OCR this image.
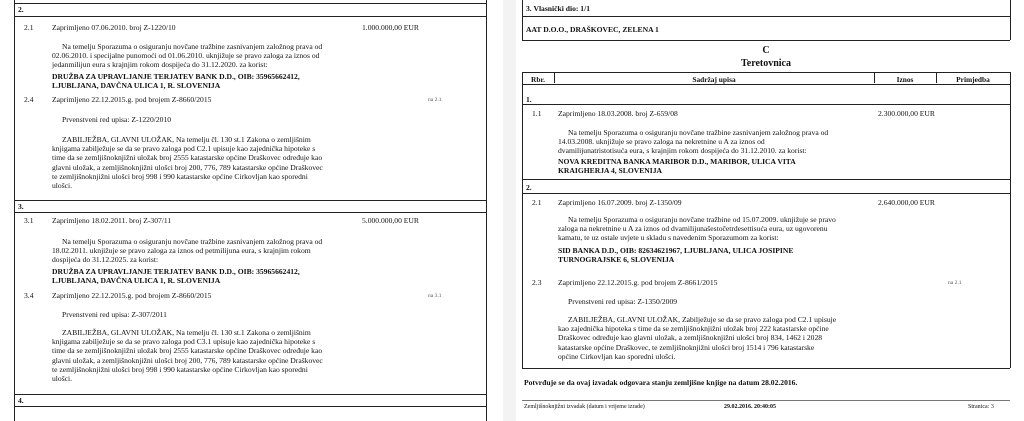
2.
2.1 Zaprimljeno 07.06.2010. broj Z-1220/10	1.000.000,00 EUR
Na temelju Sporazuma o osiguranju novčane tražbine zasnivanjem založnog prava od
02.06.2010. i specijalne punomoći od 01.06.2010. uknjižuje se pravo zaloga za iznos od
jedanmilijun eura s krajnjim rokom dospijeća do 31.12.2020. za korist:
DRUŽBA ZA UPRAVLJANJE TERJATEV BANK D.D., OIB: 35965662412,
LJUBLJANA, DAVČNA ULICA 1, R. SLOVENIJA
2.4 Zaprimljeno 22.12.2015.g. pod brojem Z-8660/2015	na 2.1
Prvenstveni red upisa: Z-1220/2010
ZABILJEŽBA, GLAVNI ULOŽAK, Na temelju čl. 130 st.1 Zakona o zemljišnim
knjigama zabilježuje se da se pravo zaloga pod C2.1 upisuje kao zajednička hipoteke s
time da se zemljišnoknjižni uložak broj 2555 katastarske općine Draškovec određuje kao
glavni uložak, a zemljišnoknjižni ulošci broj 200, 776, 789 katastarske općine Draškovec
te zemljišnoknjižni ulošci broj 998 i 990 katastarske općine Cirkovljan kao sporedni
ulošci.
3.
3.1 Zaprimljeno 18.02.2011. broj Z-307/11	5.000.000,00 EUR
Na temelju Sporazuma o osiguranju novčane tražbine zasnivanjem založnog prava od
18.02.2011. uknjižuje se pravo zaloga za iznos od petmilijuna eura, s krajnjim rokom
dospijeća do 31.12.2025. za korist:
DRUŽBA ZA UPRAVLJANJE TERJATEV BANK D.D., OIB: 35965662412,
LJUBLJANA, DAVČNA ULICA 1, R. SLOVENIJA
3.4 Zaprimljeno 22.12.2015.g. pod brojem Z-8660/2015	na 3.1
Prvenstveni red upisa: Z-307/2011
ZABILJEŽBA, GLAVNI ULOŽAK, Na temelju čl. 130 st.1 Zakona o zemljišnim
knjigama zabilježuje se da se pravo zaloga pod C3.1 upisuje kao zajednička hipoteke s
time da se zemljišnoknjižni uložak broj 2555 katastarske općine Draškovec određuje kao
glavni uložak, a zemljišnoknjižni ulošci broj 200, 776, 789 katastarske općine Draškovec
te zemljišnoknjižni ulošci broj 998 i 990 katastarske općine Cirkovljan kao sporedni
ulošci.
4.
3. Vlasnički dio: 1/1
AAT D.O.O., DRAŠKOVEC, ZELENA 1
C
Teretovnica
Rbr.	Sadržaj upisa	Iznos	Primjedba
1.
1.1 Zaprimljeno 18.03.2008. broj Z-659/08	2.300.000,00 EUR
Na temelju Sporazuma o osiguranju novčane tražbine zasnivanjem založnog prava od
14.03.2008. uknjižuje se pravo zaloga na nekretnine u A za iznos od
dvamilijunatristotisuća eura, s krajnjim rokom dospijeća do 31.12.2010. za korist:
NOVA KREDITNA BANKA MARIBOR D.D., MARIBOR, ULICA VITA
KRAIGHERJA 4, SLOVENIJA
2.
2.1 Zaprimljeno 16.07.2009. broj Z-1350/09	2.640.000,00 EUR
Na temelju Sporazuma o osiguranju novčane tražbine od 15.07.2009. uknjižuje se pravo
zaloga na nekretnine u A za iznos od dvamilijunašestočetrdesettisuća eura, uz ugovorenu
kamatu, te uz ostale uvjete u skladu s navedenim Sporazumom za korist:
SID BANKA D.D., OIB: 82634621967, LJUBLJANA, ULICA JOSIPINE
TURNOGRAJSKE 6, SLOVENIJA
2.3 Zaprimljeno 22.12.2015.g. pod brojem Z-8661/2015	na 2.1
Prvenstveni red upisa: Z-1350/2009
ZABILJEŽBA, GLAVNI ULOŽAK, Zabilježuje se da se pravo zaloga pod C2.1 upisuje
kao zajednička hipoteka s time da se zemljišnoknjižni uložak broj 222 katastarske općine
Draškovec određuje kao glavni uložak, a zemljišnoknjižni ulošci broj 834, 1462 i 2028
katastarske općine Draškovec, te zemljišnoknjižni ulošci broj 1514 i 796 katastarske
općine Cirkovljan kao sporedni ulošci.
Potvrđuje se da ovaj izvadak odgovara stanju zemljišne knjige na datum 28.02.2016.
Zemljišnoknjižni izvadak (datum i vrijeme izrade)	29.02.2016. 20:40:05	Stranica: 3
